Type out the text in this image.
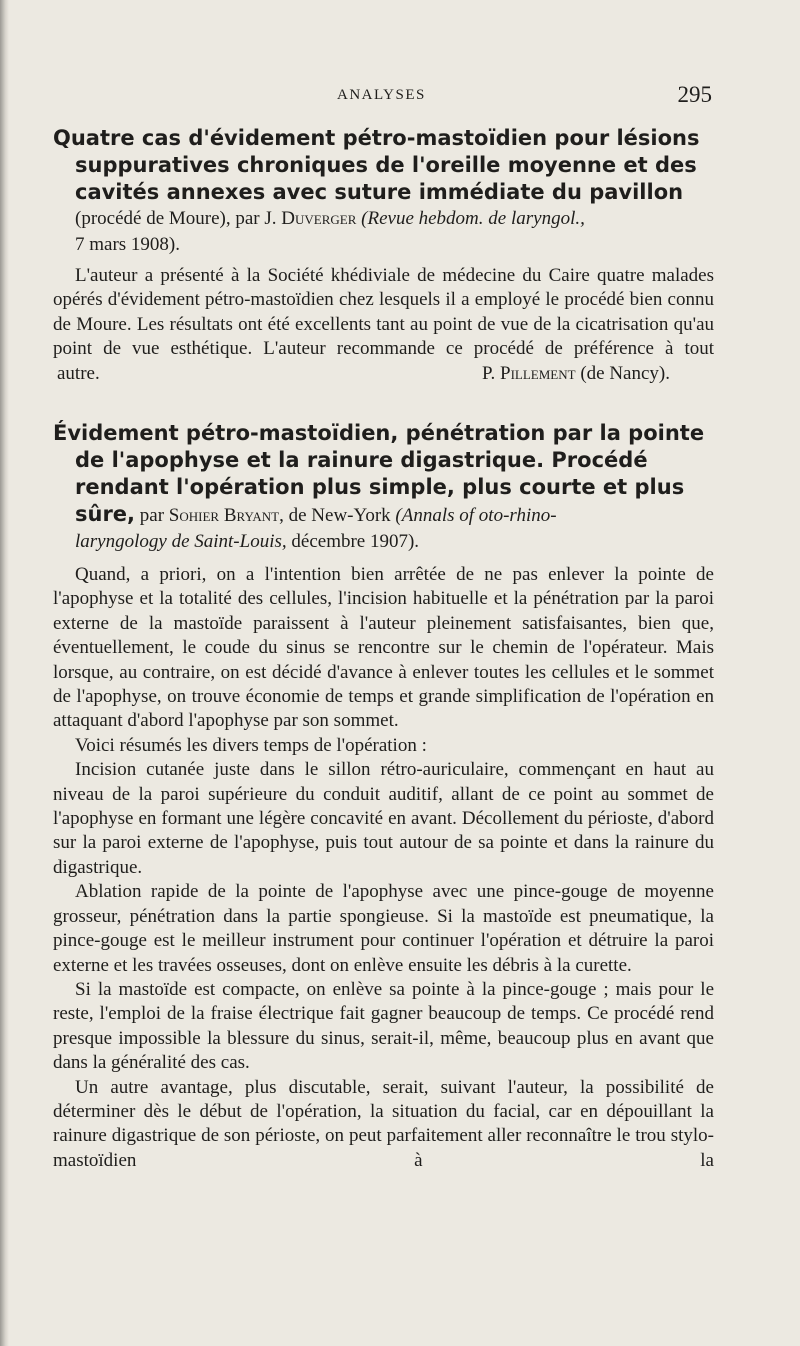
ANALYSES	295
Quatre cas d'évidement pétro-mastoïdien pour lésions
suppuratives chroniques de l'oreille moyenne et des
cavités annexes avec suture immédiate du pavillon
(procédé de Moure), par J. Duverger (Revue hebdom. de laryngol.,
7 mars 1908).

L'auteur a présenté à la Société khédiviale de médecine du Caire quatre malades opérés d'évidement pétro-mastoïdien chez lesquels il a employé le procédé bien connu de Moure. Les résultats ont été excellents tant au point de vue de la cicatrisation qu'au point de vue esthétique. L'auteur recommande ce procédé de préférence à tout

autre.	P. Pillement (de Nancy).
Évidement pétro-mastoïdien, pénétration par la pointe
de l'apophyse et la rainure digastrique. Procédé
rendant l'opération plus simple, plus courte et plus
sûre, par Sohier Bryant, de New-York (Annals of oto-rhino-
laryngology de Saint-Louis, décembre 1907).

Quand, a priori, on a l'intention bien arrêtée de ne pas enlever la pointe de l'apophyse et la totalité des cellules, l'incision habituelle et la pénétration par la paroi externe de la mastoïde paraissent à l'auteur pleinement satisfaisantes, bien que, éventuellement, le coude du sinus se rencontre sur le chemin de l'opérateur. Mais lorsque, au contraire, on est décidé d'avance à enlever toutes les cellules et le sommet de l'apophyse, on trouve économie de temps et grande simplification de l'opération en attaquant d'abord l'apophyse par son sommet.

Voici résumés les divers temps de l'opération :

Incision cutanée juste dans le sillon rétro-auriculaire, commençant en haut au niveau de la paroi supérieure du conduit auditif, allant de ce point au sommet de l'apophyse en formant une légère concavité en avant. Décollement du périoste, d'abord sur la paroi externe de l'apophyse, puis tout autour de sa pointe et dans la rainure du digastrique.

Ablation rapide de la pointe de l'apophyse avec une pince-gouge de moyenne grosseur, pénétration dans la partie spongieuse. Si la mastoïde est pneumatique, la pince-gouge est le meilleur instrument pour continuer l'opération et détruire la paroi externe et les travées osseuses, dont on enlève ensuite les débris à la curette.

Si la mastoïde est compacte, on enlève sa pointe à la pince-gouge ; mais pour le reste, l'emploi de la fraise électrique fait gagner beaucoup de temps. Ce procédé rend presque impossible la blessure du sinus, serait-il, même, beaucoup plus en avant que dans la généralité des cas.

Un autre avantage, plus discutable, serait, suivant l'auteur, la possibilité de déterminer dès le début de l'opération, la situation du facial, car en dépouillant la rainure digastrique de son périoste, on peut parfaitement aller reconnaître le trou stylo-mastoïdien à la
